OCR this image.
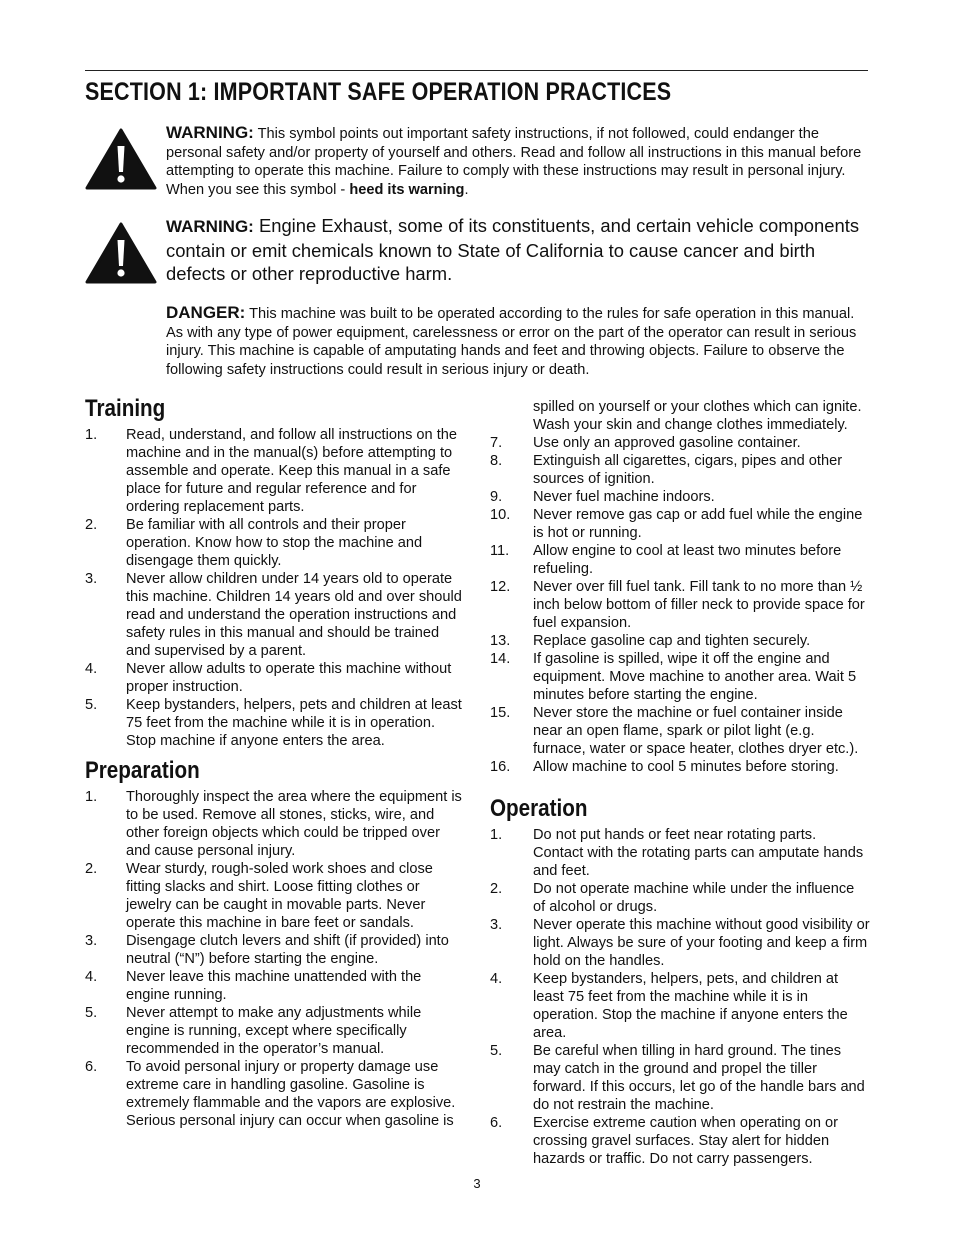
SECTION 1: IMPORTANT SAFE OPERATION PRACTICES
WARNING: This symbol points out important safety instructions, if not followed, could endanger the personal safety and/or property of yourself and others. Read and follow all instructions in this manual before attempting to operate this machine. Failure to comply with these instructions may result in personal injury. When you see this symbol - heed its warning.
WARNING: Engine Exhaust, some of its constituents, and certain vehicle components contain or emit chemicals known to State of California to cause cancer and birth defects or other reproductive harm.
DANGER: This machine was built to be operated according to the rules for safe operation in this manual. As with any type of power equipment, carelessness or error on the part of the operator can result in serious injury. This machine is capable of amputating hands and feet and throwing objects. Failure to observe the following safety instructions could result in serious injury or death.
Training
1. Read, understand, and follow all instructions on the machine and in the manual(s) before attempting to assemble and operate. Keep this manual in a safe place for future and regular reference and for ordering replacement parts.
2. Be familiar with all controls and their proper operation. Know how to stop the machine and disengage them quickly.
3. Never allow children under 14 years old to operate this machine. Children 14 years old and over should read and understand the operation instructions and safety rules in this manual and should be trained and supervised by a parent.
4. Never allow adults to operate this machine without proper instruction.
5. Keep bystanders, helpers, pets and children at least 75 feet from the machine while it is in operation. Stop machine if anyone enters the area.
Preparation
1. Thoroughly inspect the area where the equipment is to be used. Remove all stones, sticks, wire, and other foreign objects which could be tripped over and cause personal injury.
2. Wear sturdy, rough-soled work shoes and close fitting slacks and shirt. Loose fitting clothes or jewelry can be caught in movable parts. Never operate this machine in bare feet or sandals.
3. Disengage clutch levers and shift (if provided) into neutral (“N”) before starting the engine.
4. Never leave this machine unattended with the engine running.
5. Never attempt to make any adjustments while engine is running, except where specifically recommended in the operator’s manual.
6. To avoid personal injury or property damage use extreme care in handling gasoline. Gasoline is extremely flammable and the vapors are explosive. Serious personal injury can occur when gasoline is
spilled on yourself or your clothes which can ignite. Wash your skin and change clothes immediately.
7. Use only an approved gasoline container.
8. Extinguish all cigarettes, cigars, pipes and other sources of ignition.
9. Never fuel machine indoors.
10. Never remove gas cap or add fuel while the engine is hot or running.
11. Allow engine to cool at least two minutes before refueling.
12. Never over fill fuel tank. Fill tank to no more than ½ inch below bottom of filler neck to provide space for fuel expansion.
13. Replace gasoline cap and tighten securely.
14. If gasoline is spilled, wipe it off the engine and equipment. Move machine to another area. Wait 5 minutes before starting the engine.
15. Never store the machine or fuel container inside near an open flame, spark or pilot light (e.g. furnace, water or space heater, clothes dryer etc.).
16. Allow machine to cool 5 minutes before storing.
Operation
1. Do not put hands or feet near rotating parts. Contact with the rotating parts can amputate hands and feet.
2. Do not operate machine while under the influence of alcohol or drugs.
3. Never operate this machine without good visibility or light. Always be sure of your footing and keep a firm hold on the handles.
4. Keep bystanders, helpers, pets, and children at least 75 feet from the machine while it is in operation. Stop the machine if anyone enters the area.
5. Be careful when tilling in hard ground. The tines may catch in the ground and propel the tiller forward. If this occurs, let go of the handle bars and do not restrain the machine.
6. Exercise extreme caution when operating on or crossing gravel surfaces. Stay alert for hidden hazards or traffic. Do not carry passengers.
3
